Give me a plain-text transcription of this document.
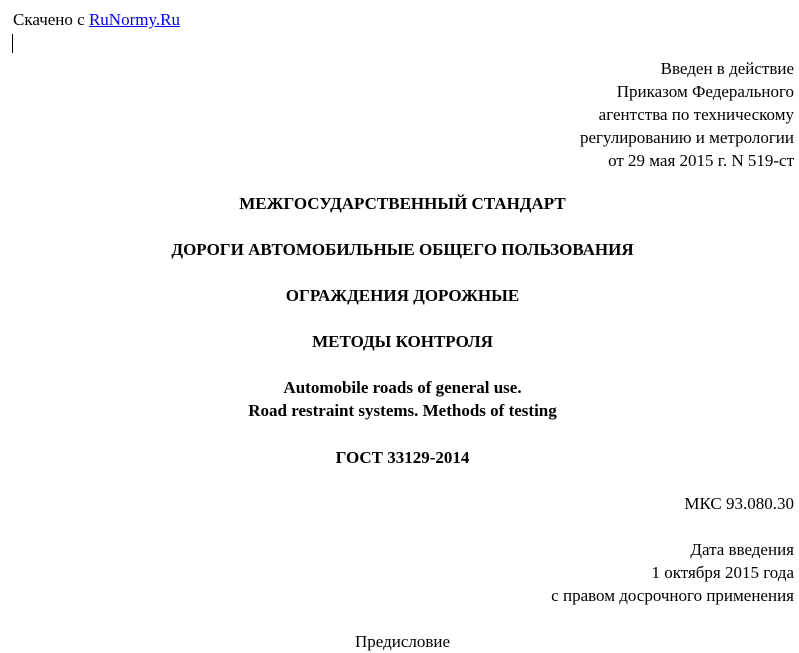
Скачено с RuNormy.Ru
Введен в действие
Приказом Федерального
агентства по техническому
регулированию и метрологии
от 29 мая 2015 г. N 519-ст
МЕЖГОСУДАРСТВЕННЫЙ СТАНДАРТ
ДОРОГИ АВТОМОБИЛЬНЫЕ ОБЩЕГО ПОЛЬЗОВАНИЯ
ОГРАЖДЕНИЯ ДОРОЖНЫЕ
МЕТОДЫ КОНТРОЛЯ
Automobile roads of general use.
Road restraint systems. Methods of testing
ГОСТ 33129-2014
МКС 93.080.30
Дата введения
1 октября 2015 года
с правом досрочного применения
Предисловие
